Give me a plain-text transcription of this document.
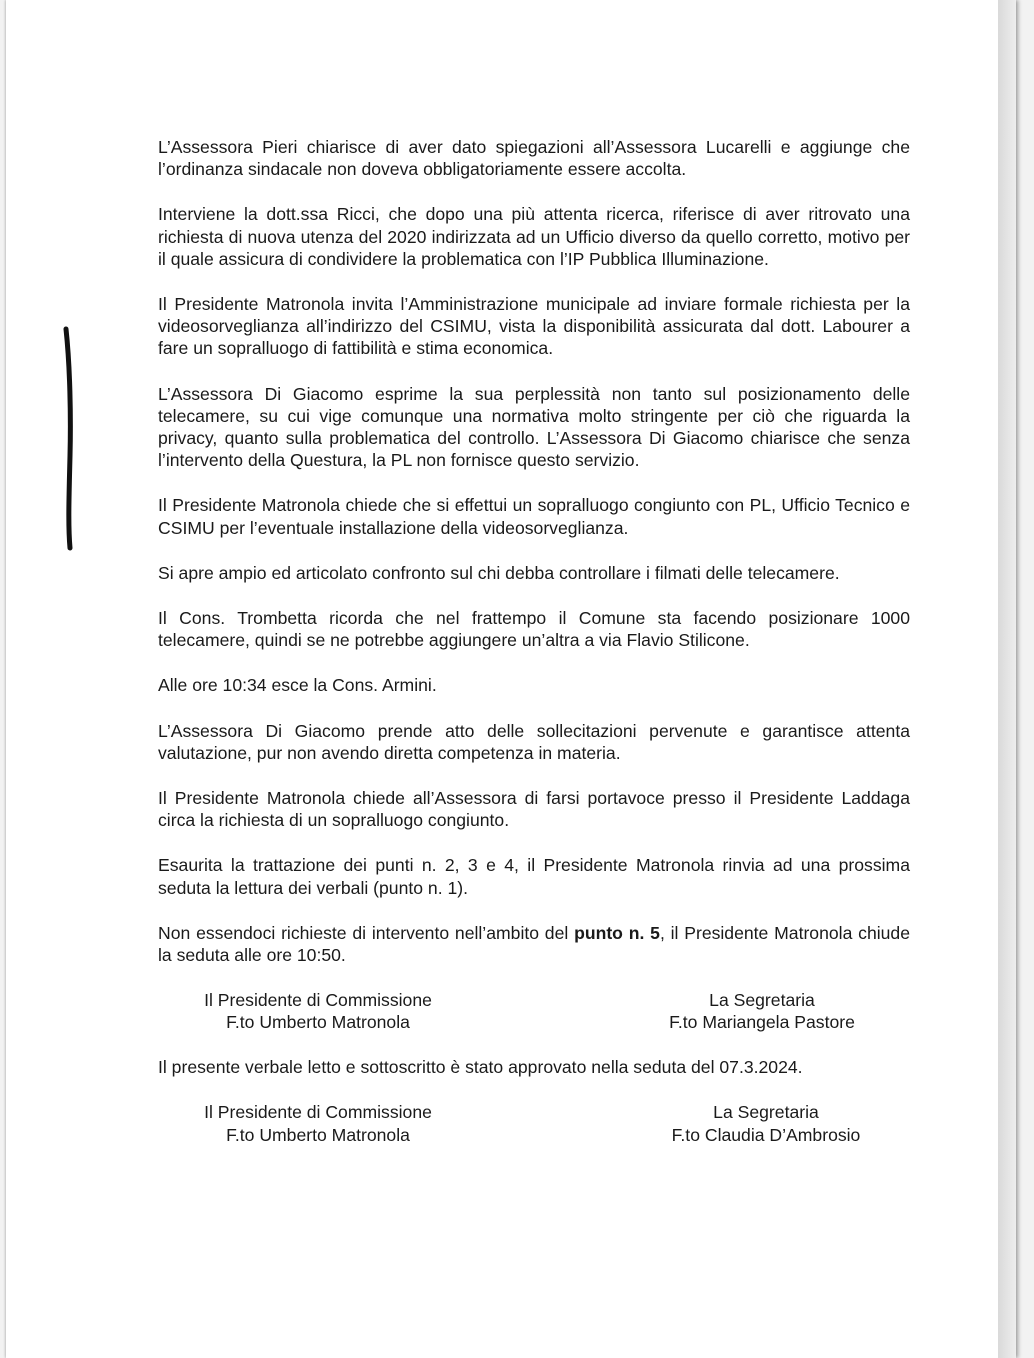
L’Assessora Pieri chiarisce di aver dato spiegazioni all’Assessora Lucarelli e aggiunge che l’ordinanza sindacale non doveva obbligatoriamente essere accolta.

Interviene la dott.ssa Ricci, che dopo una più attenta ricerca, riferisce di aver ritrovato una richiesta di nuova utenza del 2020 indirizzata ad un Ufficio diverso da quello corretto, motivo per il quale assicura di condividere la problematica con l’IP Pubblica Illuminazione.

Il Presidente Matronola invita l’Amministrazione municipale ad inviare formale richiesta per la videosorveglianza all’indirizzo del CSIMU, vista la disponibilità assicurata dal dott. Labourer a fare un sopralluogo di fattibilità e stima economica.

L’Assessora Di Giacomo esprime la sua perplessità non tanto sul posizionamento delle telecamere, su cui vige comunque una normativa molto stringente per ciò che riguarda la privacy, quanto sulla problematica del controllo. L’Assessora Di Giacomo chiarisce che senza l’intervento della Questura, la PL non fornisce questo servizio.

Il Presidente Matronola chiede che si effettui un sopralluogo congiunto con PL, Ufficio Tecnico e CSIMU per l’eventuale installazione della videosorveglianza.

Si apre ampio ed articolato confronto sul chi debba controllare i filmati delle telecamere.

Il Cons. Trombetta ricorda che nel frattempo il Comune sta facendo posizionare 1000 telecamere, quindi se ne potrebbe aggiungere un’altra a via Flavio Stilicone.

Alle ore 10:34 esce la Cons. Armini.

L’Assessora Di Giacomo prende atto delle sollecitazioni pervenute e garantisce attenta valutazione, pur non avendo diretta competenza in materia.

Il Presidente Matronola chiede all’Assessora di farsi portavoce presso il Presidente Laddaga circa la richiesta di un sopralluogo congiunto.

Esaurita la trattazione dei punti n. 2, 3 e 4, il Presidente Matronola rinvia ad una prossima seduta la lettura dei verbali (punto n. 1).

Non essendoci richieste di intervento nell’ambito del punto n. 5, il Presidente Matronola chiude la seduta alle ore 10:50.

Il Presidente di Commissione
F.to Umberto Matronola
La Segretaria
F.to Mariangela Pastore

Il presente verbale letto e sottoscritto è stato approvato nella seduta del 07.3.2024.

Il Presidente di Commissione
F.to Umberto Matronola
La Segretaria
F.to Claudia D’Ambrosio
